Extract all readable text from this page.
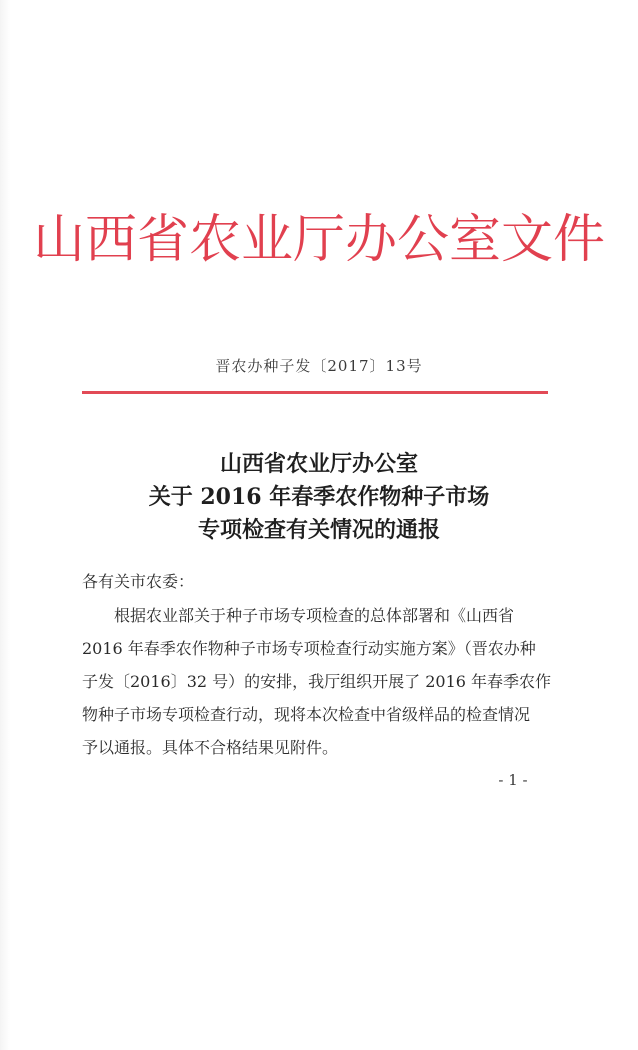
山西省农业厅办公室文件
晋农办种子发〔2017〕13号
山西省农业厅办公室
关于 2016 年春季农作物种子市场
专项检查有关情况的通报
各有关市农委：
根据农业部关于种子市场专项检查的总体部署和《山西省
2016 年春季农作物种子市场专项检查行动实施方案》（晋农办种
子发〔2016〕32 号）的安排，我厅组织开展了 2016 年春季农作
物种子市场专项检查行动，现将本次检查中省级样品的检查情况
予以通报。具体不合格结果见附件。
- 1 -
